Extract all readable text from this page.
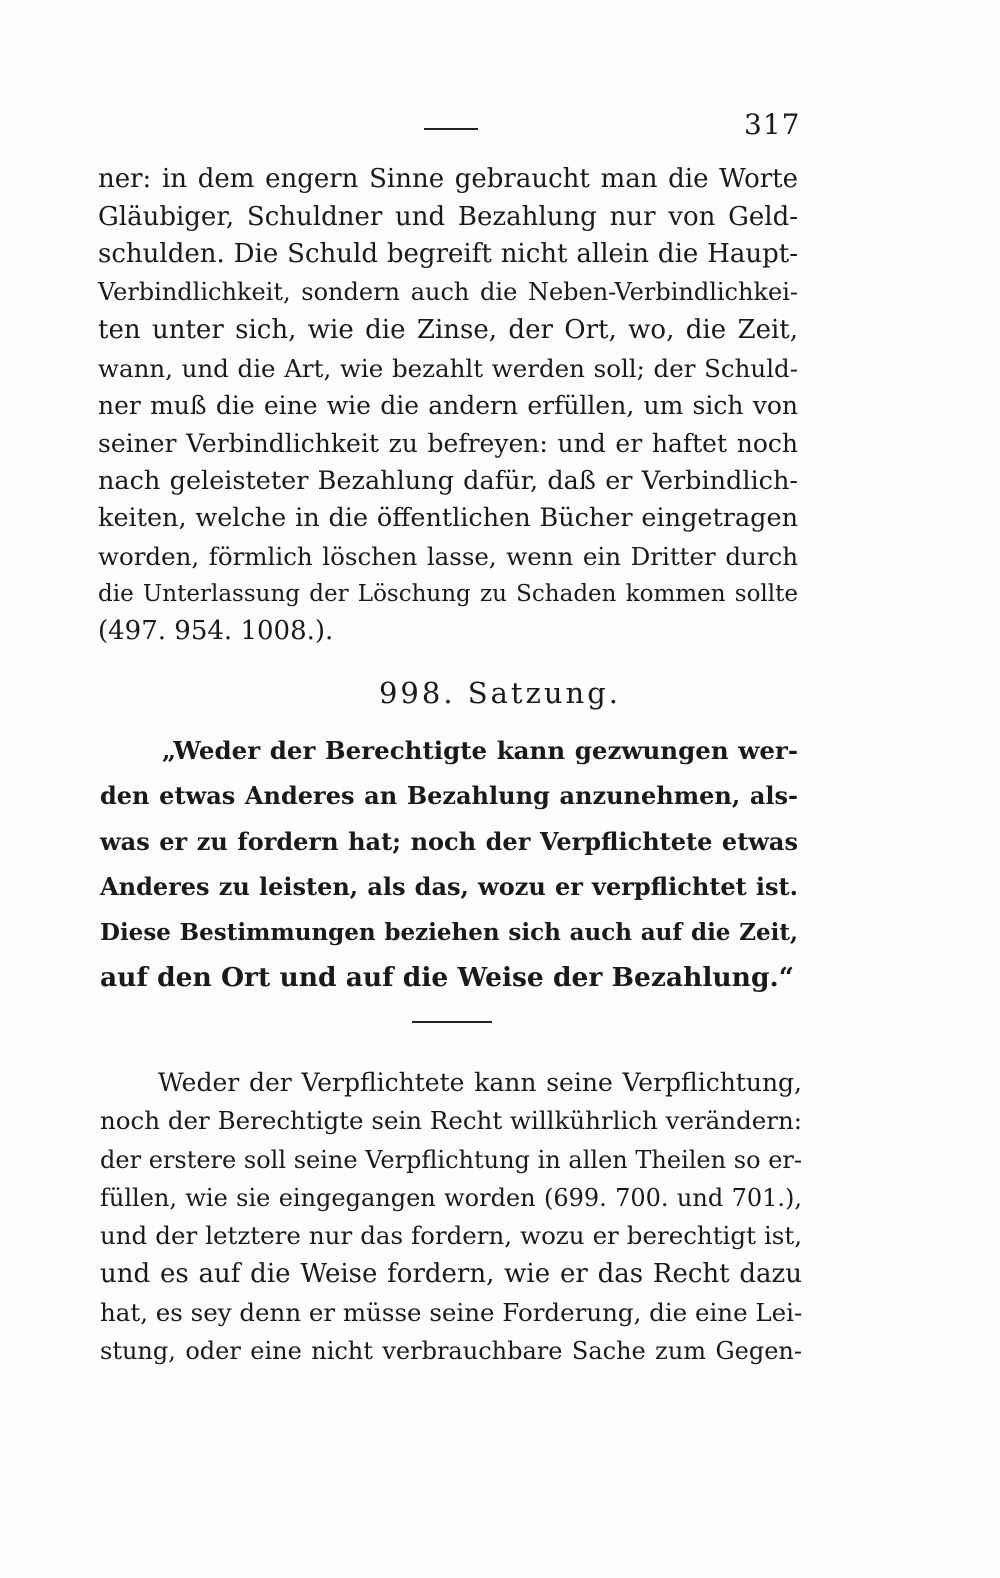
317
ner: in dem engern Sinne gebraucht man die Worte
Gläubiger, Schuldner und Bezahlung nur von Geld-
schulden. Die Schuld begreift nicht allein die Haupt-
Verbindlichkeit, sondern auch die Neben-Verbindlichkei-
ten unter sich, wie die Zinse, der Ort, wo, die Zeit,
wann, und die Art, wie bezahlt werden soll; der Schuld-
ner muß die eine wie die andern erfüllen, um sich von
seiner Verbindlichkeit zu befreyen: und er haftet noch
nach geleisteter Bezahlung dafür, daß er Verbindlich-
keiten, welche in die öffentlichen Bücher eingetragen
worden, förmlich löschen lasse, wenn ein Dritter durch
die Unterlassung der Löschung zu Schaden kommen sollte
(497. 954. 1008.).
998. Satzung.
„Weder der Berechtigte kann gezwungen wer-
den etwas Anderes an Bezahlung anzunehmen, als-
was er zu fordern hat; noch der Verpflichtete etwas
Anderes zu leisten, als das, wozu er verpflichtet ist.
Diese Bestimmungen beziehen sich auch auf die Zeit,
auf den Ort und auf die Weise der Bezahlung.“
Weder der Verpflichtete kann seine Verpflichtung,
noch der Berechtigte sein Recht willkührlich verändern:
der erstere soll seine Verpflichtung in allen Theilen so er-
füllen, wie sie eingegangen worden (699. 700. und 701.),
und der letztere nur das fordern, wozu er berechtigt ist,
und es auf die Weise fordern, wie er das Recht dazu
hat, es sey denn er müsse seine Forderung, die eine Lei-
stung, oder eine nicht verbrauchbare Sache zum Gegen-
